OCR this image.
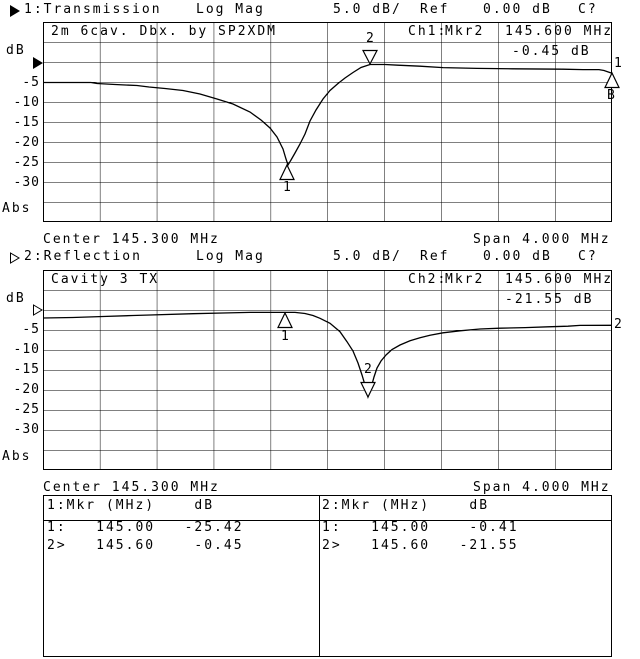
1:Transmission	Log Mag	5.0 dB/ Ref	0.00 dB C?
2m 6cav. Dbx. by SP2XDM	Ch1:
Mkr2 145.600 MHz
-0.45 dB
dB
-5
-10
-15
-20
-25
-30
Abs
2
1
1
B
Center 145.300 MHz	Span 4.000 MHz
2:Reflection	Log Mag	5.0 dB/ Ref	0.00 dB C?
Cavity 3 TX	Ch2:
Mkr2 145.600 MHz
-21.55 dB
dB
-5
-10
-15
-20
-25
-30
Abs
1
2
2
Center 145.300 MHz	Span 4.000 MHz
1:Mkr (MHz)    dB
1:   145.00   -25.42
2>   145.60    -0.45
2:Mkr (MHz)    dB
1:   145.00    -0.41
2>   145.60   -21.55
